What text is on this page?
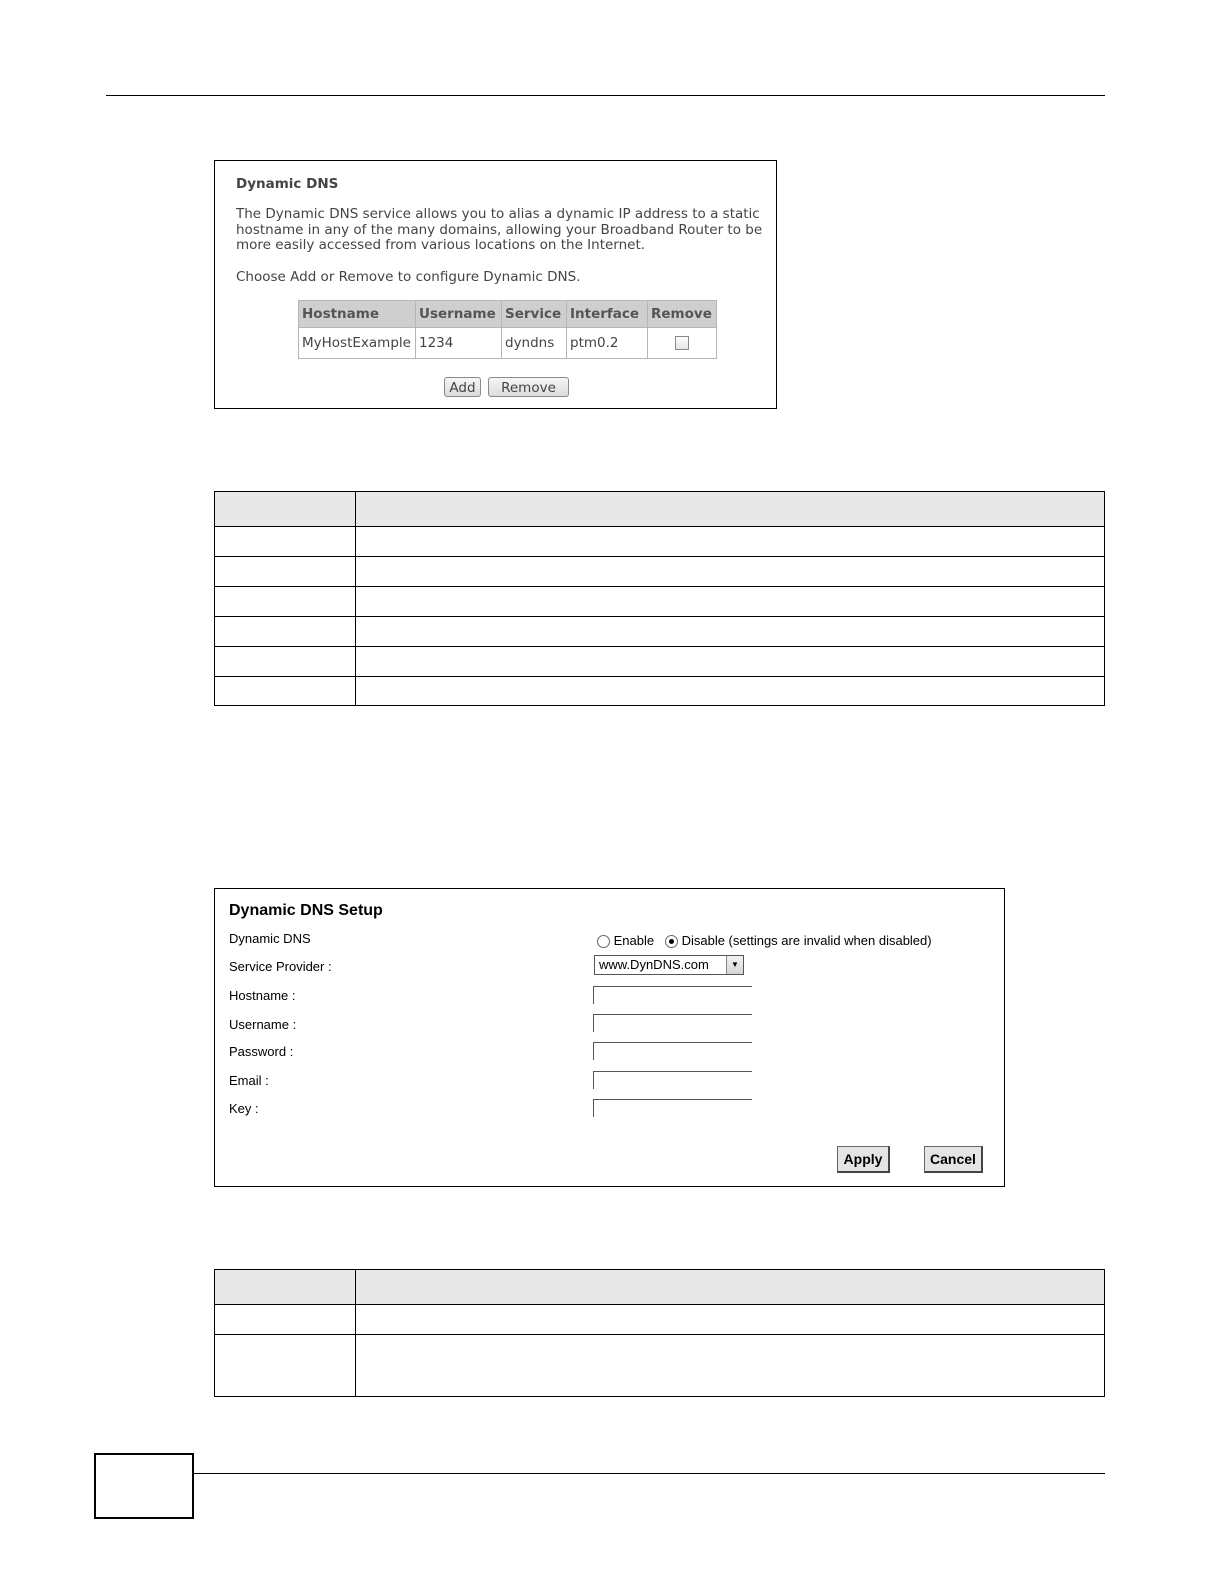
Dynamic DNS
The Dynamic DNS service allows you to alias a dynamic IP address to a static hostname in any of the many domains, allowing your Broadband Router to be more easily accessed from various locations on the Internet.
Choose Add or Remove to configure Dynamic DNS.
Hostname	Username	Service	Interface	Remove
MyHostExample	1234	dyndns	ptm0.2	
Add	Remove

Dynamic DNS Setup
Dynamic DNS	Enable Disable (settings are invalid when disabled)
Service Provider :	www.DynDNS.com	▼
Hostname :
Username :
Password :
Email :
Key :
Apply	Cancel
